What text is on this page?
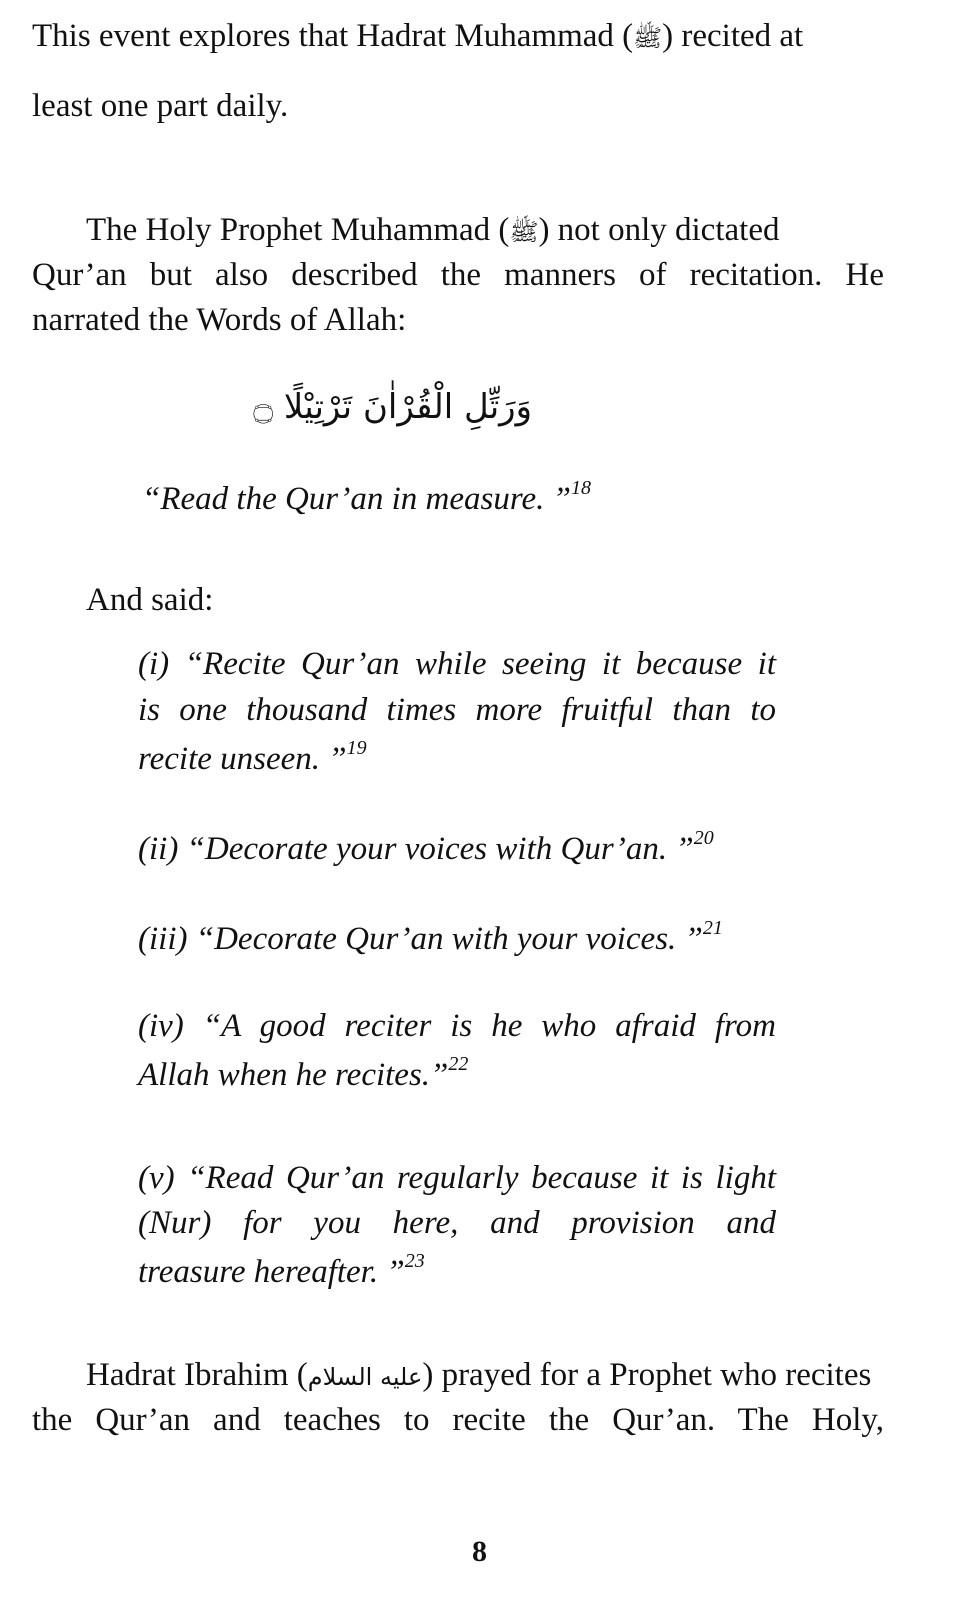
This event explores that Hadrat Muhammad (ﷺ) recited at
least one part daily.
The Holy Prophet Muhammad (ﷺ) not only dictated
Qur’an but also described the manners of recitation. He
narrated the Words of Allah:
وَرَتِّلِ الْقُرْاٰنَ تَرْتِيْلًا ۝
“Read the Qur’an in measure. ”$^{18}$
And said:
(i) “Recite Qur’an while seeing it because it
is one thousand times more fruitful than to
recite unseen. ”$^{19}$
(ii) “Decorate your voices with Qur’an. ”$^{20}$
(iii) “Decorate Qur’an with your voices. ”$^{21}$
(iv) “A good reciter is he who afraid from
Allah when he recites.”$^{22}$
(v) “Read Qur’an regularly because it is light
(Nur) for you here, and provision and
treasure hereafter. ”$^{23}$
Hadrat Ibrahim (عليه السلام) prayed for a Prophet who recites
the Qur’an and teaches to recite the Qur’an. The Holy,
8
